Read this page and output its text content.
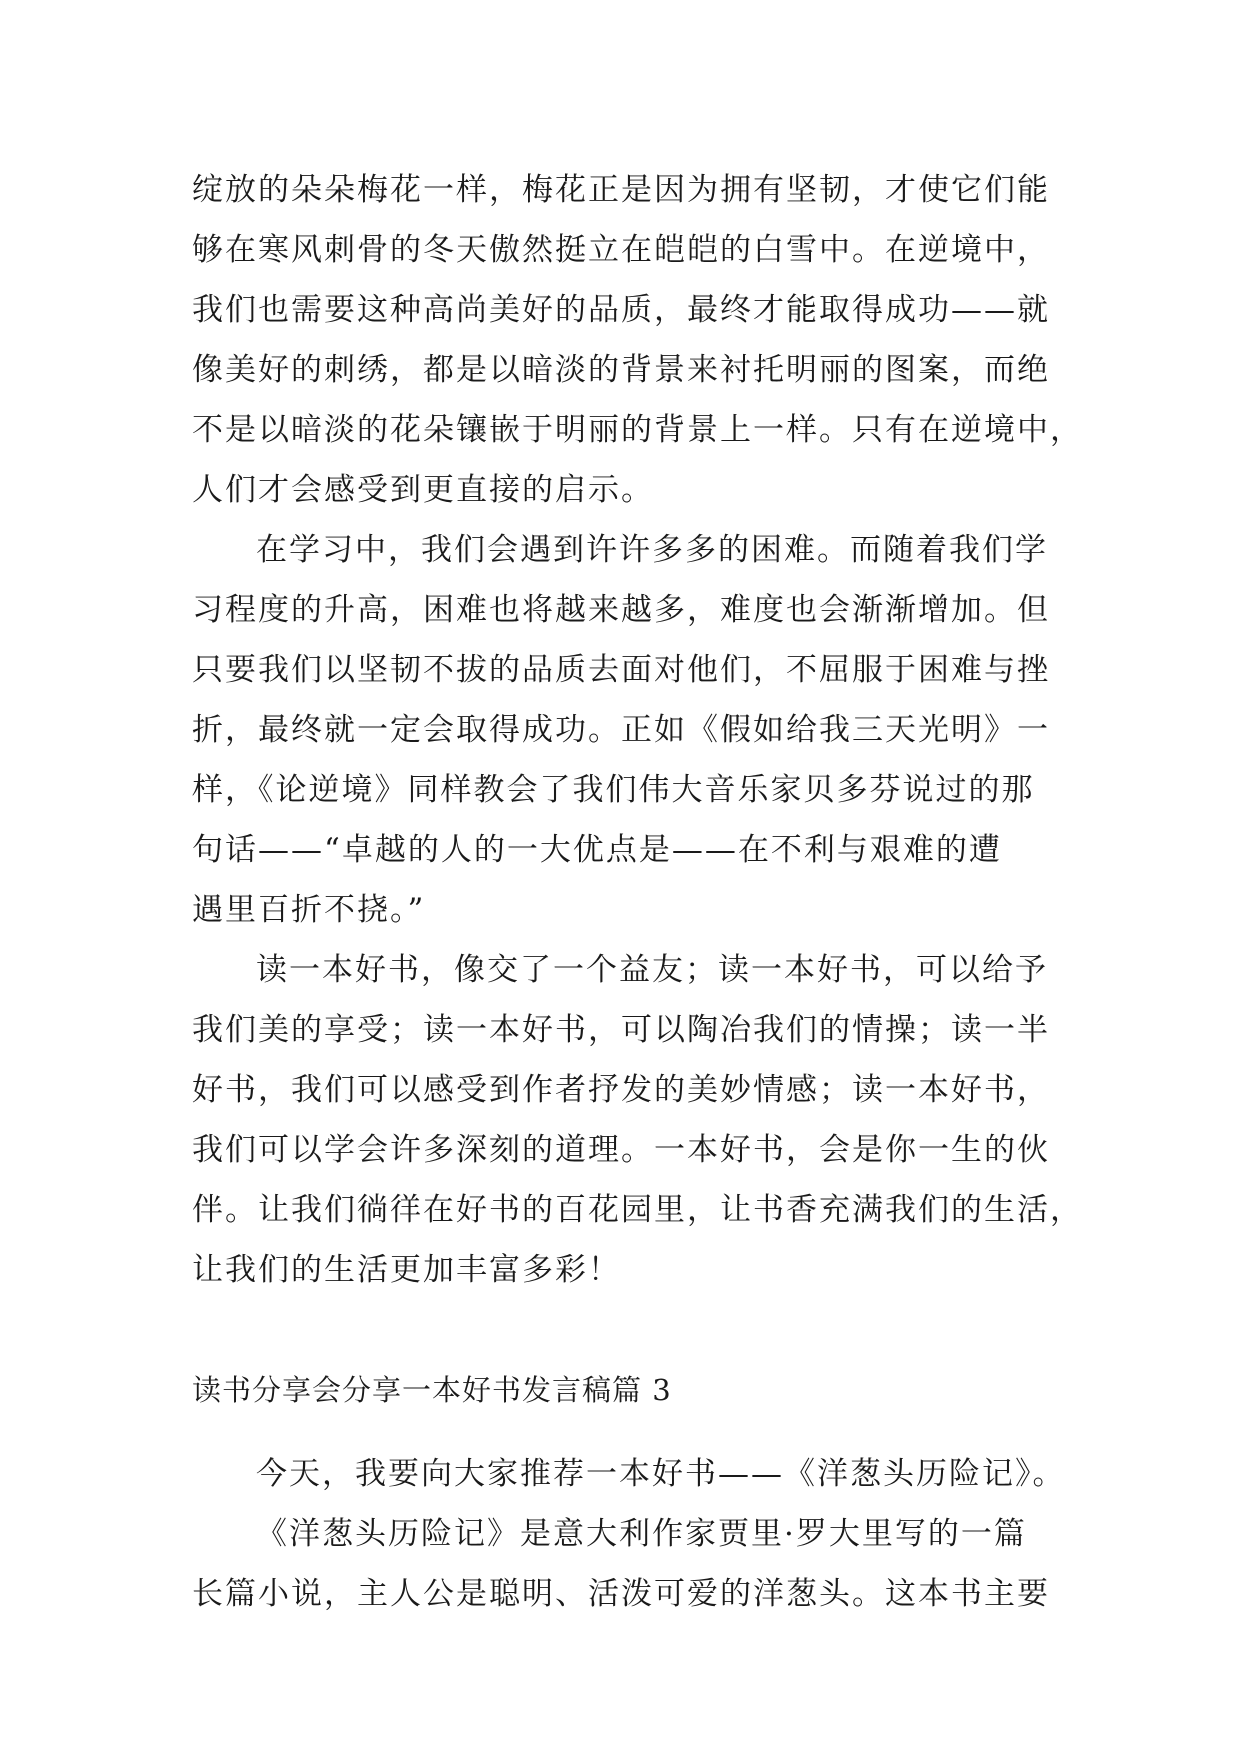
绽放的朵朵梅花一样，梅花正是因为拥有坚韧，才使它们能
够在寒风刺骨的冬天傲然挺立在皑皑的白雪中。在逆境中，
我们也需要这种高尚美好的品质，最终才能取得成功——就
像美好的刺绣，都是以暗淡的背景来衬托明丽的图案，而绝
不是以暗淡的花朵镶嵌于明丽的背景上一样。只有在逆境中，
人们才会感受到更直接的启示。

在学习中，我们会遇到许许多多的困难。而随着我们学
习程度的升高，困难也将越来越多，难度也会渐渐增加。但
只要我们以坚韧不拔的品质去面对他们，不屈服于困难与挫
折，最终就一定会取得成功。正如《假如给我三天光明》一
样，《论逆境》同样教会了我们伟大音乐家贝多芬说过的那
句话——“卓越的人的一大优点是——在不利与艰难的遭
遇里百折不挠。”

读一本好书，像交了一个益友；读一本好书，可以给予
我们美的享受；读一本好书，可以陶冶我们的情操；读一半
好书，我们可以感受到作者抒发的美妙情感；读一本好书，
我们可以学会许多深刻的道理。一本好书，会是你一生的伙
伴。让我们徜徉在好书的百花园里，让书香充满我们的生活，
让我们的生活更加丰富多彩！

读书分享会分享一本好书发言稿篇 3

今天，我要向大家推荐一本好书——《洋葱头历险记》。

《洋葱头历险记》是意大利作家贾里·罗大里写的一篇
长篇小说，主人公是聪明、活泼可爱的洋葱头。这本书主要
